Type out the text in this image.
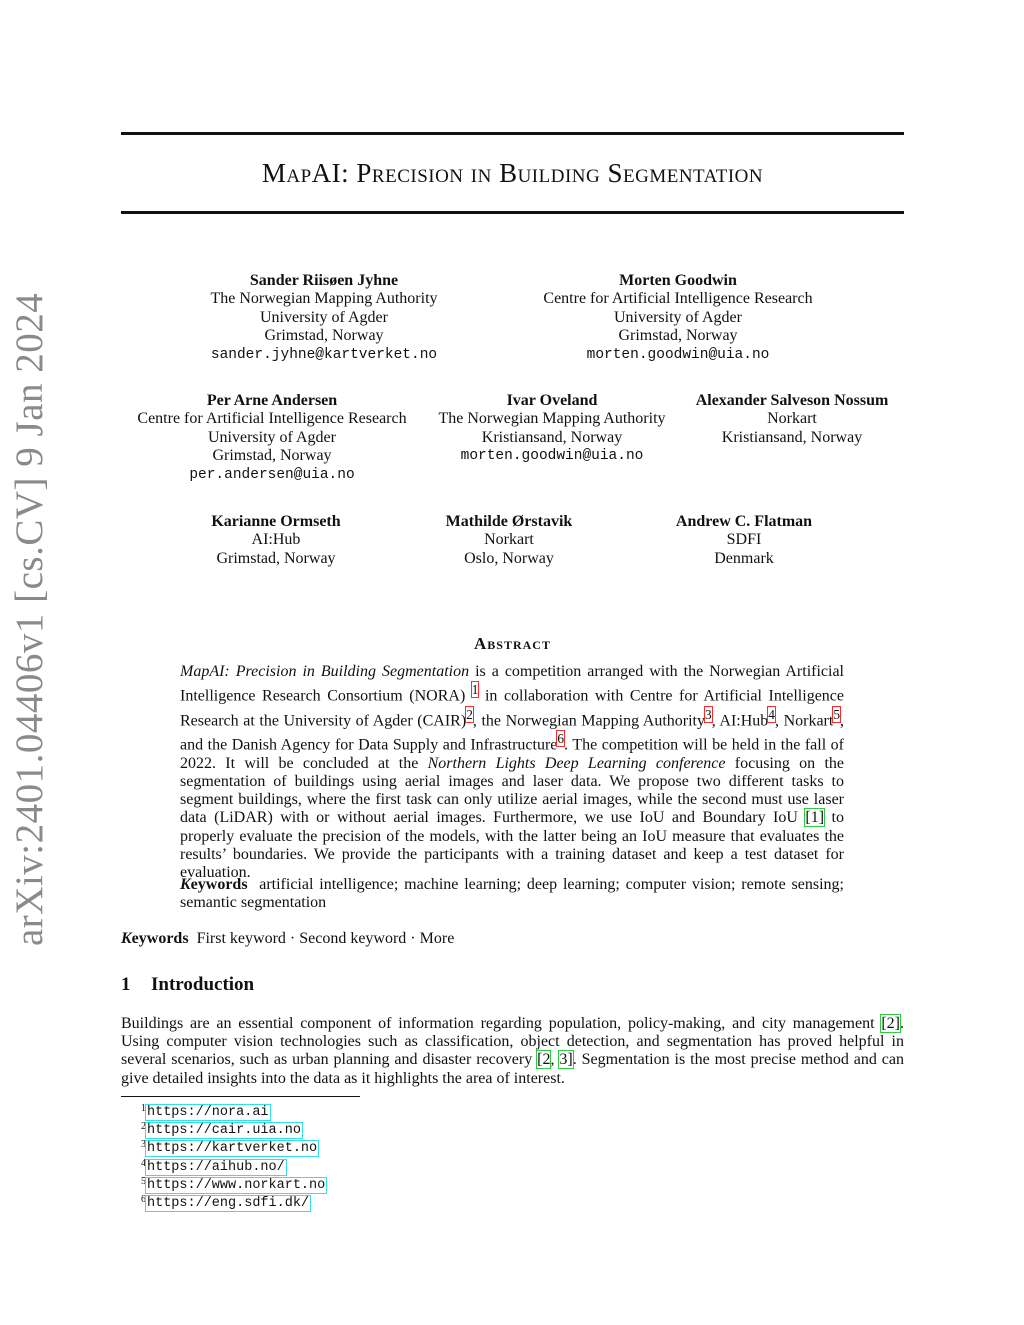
arXiv:2401.04406v1 [cs.CV] 9 Jan 2024
MapAI: Precision in Building Segmentation
Sander Riisøen Jyhne
The Norwegian Mapping Authority
University of Agder
Grimstad, Norway
sander.jyhne@kartverket.no
Morten Goodwin
Centre for Artificial Intelligence Research
University of Agder
Grimstad, Norway
morten.goodwin@uia.no
Per Arne Andersen
Centre for Artificial Intelligence Research
University of Agder
Grimstad, Norway
per.andersen@uia.no
Ivar Oveland
The Norwegian Mapping Authority
Kristiansand, Norway
morten.goodwin@uia.no
Alexander Salveson Nossum
Norkart
Kristiansand, Norway
Karianne Ormseth
AI:Hub
Grimstad, Norway
Mathilde Ørstavik
Norkart
Oslo, Norway
Andrew C. Flatman
SDFI
Denmark
Abstract
MapAI: Precision in Building Segmentation is a competition arranged with the Norwegian Artificial Intelligence Research Consortium (NORA) $^1$ in collaboration with Centre for Artificial Intelligence Research at the University of Agder (CAIR)$^2$, the Norwegian Mapping Authority$^3$, AI:Hub$^4$, Norkart$^5$, and the Danish Agency for Data Supply and Infrastructure$^6$. The competition will be held in the fall of 2022. It will be concluded at the Northern Lights Deep Learning conference focusing on the segmentation of buildings using aerial images and laser data. We propose two different tasks to segment buildings, where the first task can only utilize aerial images, while the second must use laser data (LiDAR) with or without aerial images. Furthermore, we use IoU and Boundary IoU [1] to properly evaluate the precision of the models, with the latter being an IoU measure that evaluates the results’ boundaries. We provide the participants with a training dataset and keep a test dataset for evaluation.
Keywords artificial intelligence; machine learning; deep learning; computer vision; remote sensing; semantic segmentation
Keywords First keyword · Second keyword · More
1 Introduction
Buildings are an essential component of information regarding population, policy-making, and city management [2]. Using computer vision technologies such as classification, object detection, and segmentation has proved helpful in several scenarios, such as urban planning and disaster recovery [2, 3]. Segmentation is the most precise method and can give detailed insights into the data as it highlights the area of interest.
$^1$https://nora.ai
$^2$https://cair.uia.no
$^3$https://kartverket.no
$^4$https://aihub.no/
$^5$https://www.norkart.no
$^6$https://eng.sdfi.dk/
